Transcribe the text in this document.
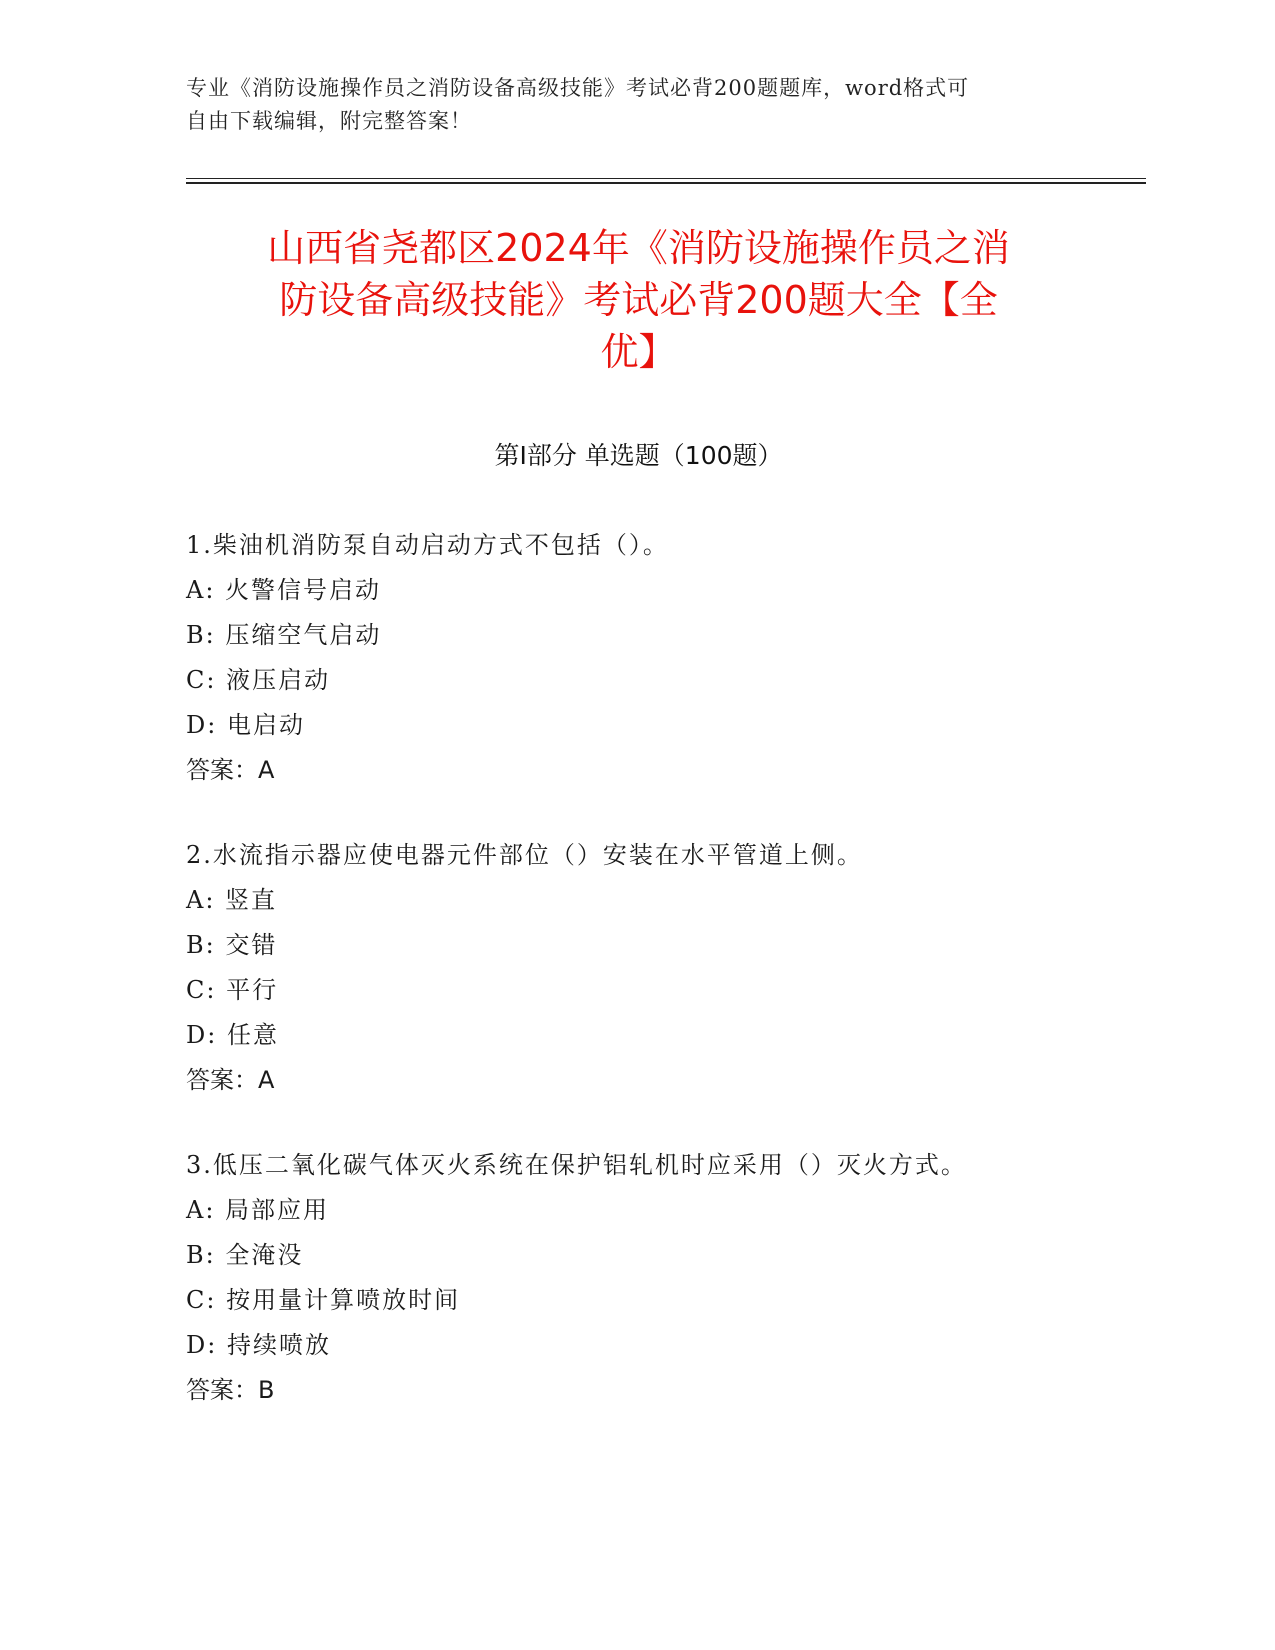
专业《消防设施操作员之消防设备高级技能》考试必背200题题库，word格式可
自由下载编辑，附完整答案！
山西省尧都区2024年《消防设施操作员之消
防设备高级技能》考试必背200题大全【全
优】
第Ⅰ部分 单选题（100题）
1.柴油机消防泵自动启动方式不包括（）。
A: 火警信号启动
B: 压缩空气启动
C: 液压启动
D: 电启动
答案：A
2.水流指示器应使电器元件部位（）安装在水平管道上侧。
A: 竖直
B: 交错
C: 平行
D: 任意
答案：A
3.低压二氧化碳气体灭火系统在保护铝轧机时应采用（）灭火方式。
A: 局部应用
B: 全淹没
C: 按用量计算喷放时间
D: 持续喷放
答案：B
